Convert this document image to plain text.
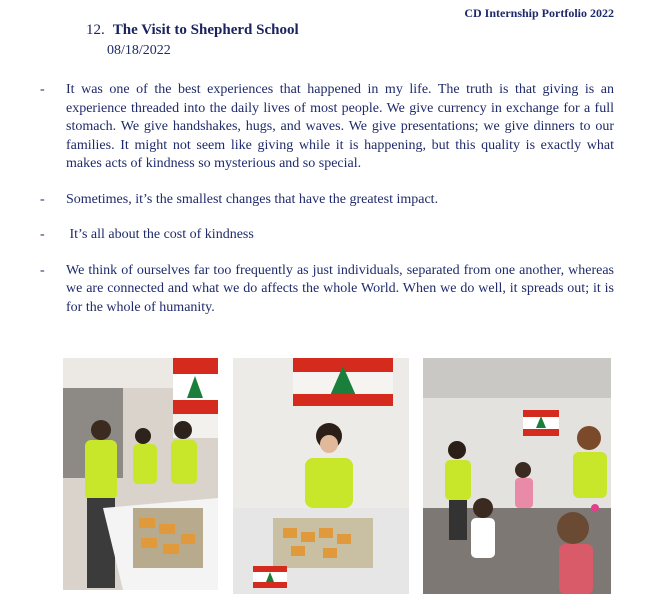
CD Internship Portfolio 2022
12. The Visit to Shepherd School
08/18/2022
-	It was one of the best experiences that happened in my life. The truth is that giving is an experience threaded into the daily lives of most people. We give currency in exchange for a full stomach. We give handshakes, hugs, and waves. We give presentations; we give dinners to our families. It might not seem like giving while it is happening, but this quality is exactly what makes acts of kindness so mysterious and so special.
-	Sometimes, it’s the smallest changes that have the greatest impact.
-	It’s all about the cost of kindness
-	We think of ourselves far too frequently as just individuals, separated from one another, whereas we are connected and what we do affects the whole World. When we do well, it spreads out; it is for the whole of humanity.
